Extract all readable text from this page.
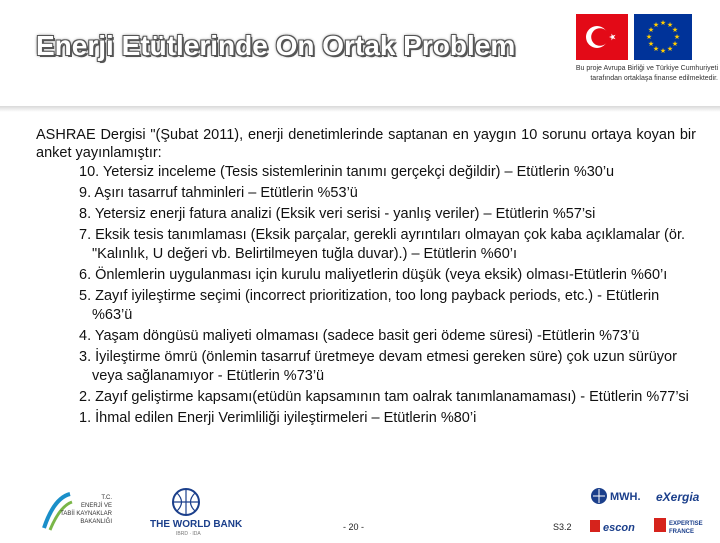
Enerji Etütlerinde On Ortak Problem
★ ★
★
★
★
★
★
★
★
★
★
★
Bu proje Avrupa Birliği ve Türkiye Cumhuriyeti tarafından ortaklaşa finanse edilmektedir.

ASHRAE Dergisi "(Şubat 2011), enerji denetimlerinde saptanan en yaygın 10 sorunu ortaya koyan bir anket yayınlamıştır:

10. Yetersiz inceleme (Tesis sistemlerinin tanımı gerçekçi değildir) – Etütlerin %30’u
9. Aşırı tasarruf tahminleri – Etütlerin %53’ü
8. Yetersiz enerji fatura analizi (Eksik veri serisi - yanlış veriler) – Etütlerin %57’si
7. Eksik tesis tanımlaması (Eksik parçalar, gerekli ayrıntıları olmayan çok kaba açıklamalar (ör. "Kalınlık, U değeri vb. Belirtilmeyen tuğla duvar).) – Etütlerin %60’ı
6. Önlemlerin uygulanması için kurulu maliyetlerin düşük (veya eksik) olması-Etütlerin %60’ı
5. Zayıf iyileştirme seçimi (incorrect prioritization, too long payback periods, etc.) - Etütlerin %63’ü
4. Yaşam döngüsü maliyeti olmaması (sadece basit geri ödeme süresi) -Etütlerin %73’ü
3. İyileştirme ömrü (önlemin tasarruf üretmeye devam etmesi gereken süre) çok uzun sürüyor veya sağlanamıyor - Etütlerin %73’ü
2. Zayıf geliştirme kapsamı(etüdün kapsamının tam oalrak tanımlanamaması) - Etütlerin %77’si
1. İhmal edilen Enerji Verimliliği iyileştirmeleri – Etütlerin %80’i
T.C.
ENERJİ VE
TABİİ KAYNAKLAR
BAKANLIĞI	THE WORLD BANK
IBRD · IDA
- 20 -	S3.2
MWH. eXergia
escon	EXPERTISE
FRANCE
